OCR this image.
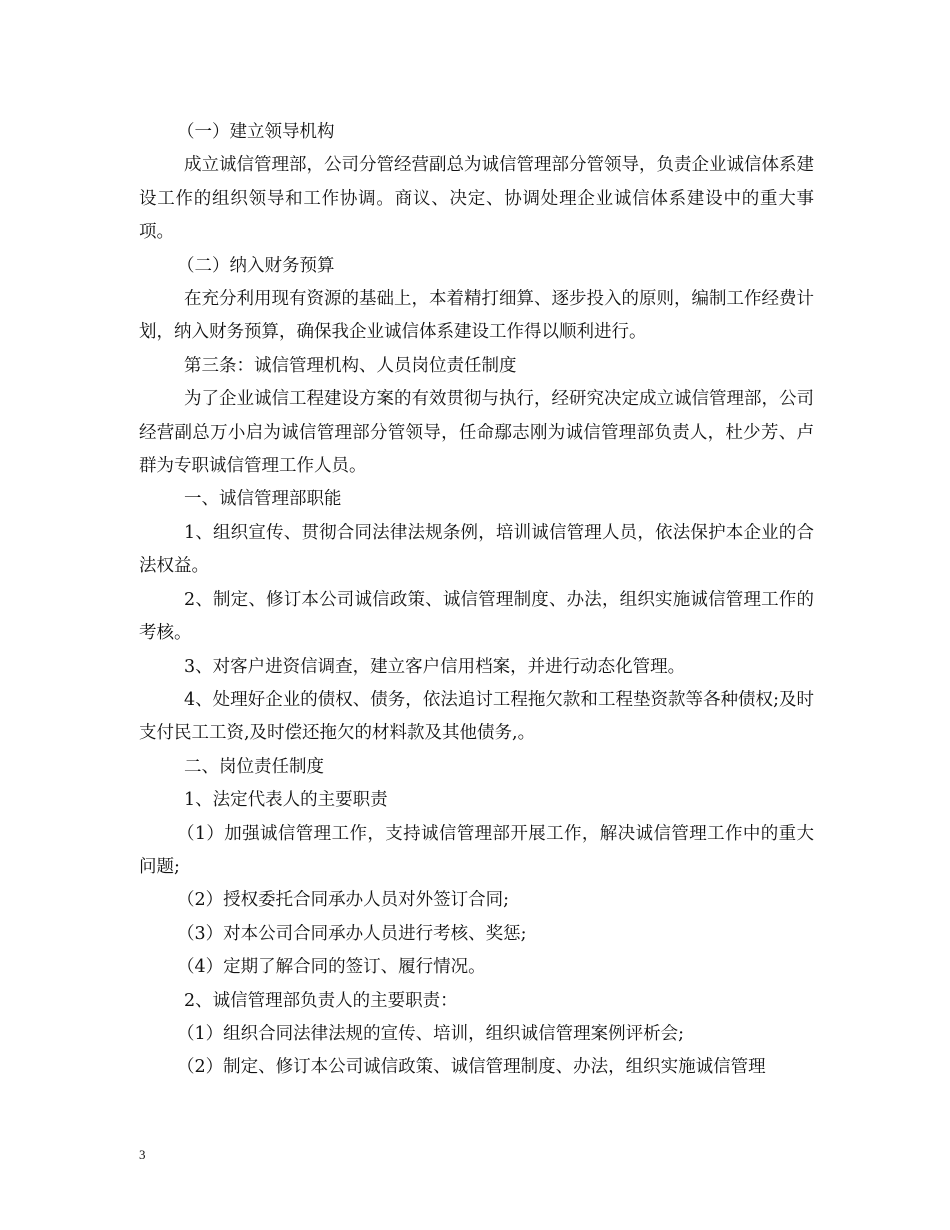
（一）建立领导机构

成立诚信管理部，公司分管经营副总为诚信管理部分管领导，负责企业诚信体系建设工作的组织领导和工作协调。商议、决定、协调处理企业诚信体系建设中的重大事项。

（二）纳入财务预算

在充分利用现有资源的基础上，本着精打细算、逐步投入的原则，编制工作经费计划，纳入财务预算，确保我企业诚信体系建设工作得以顺利进行。

第三条：诚信管理机构、人员岗位责任制度

为了企业诚信工程建设方案的有效贯彻与执行，经研究决定成立诚信管理部，公司经营副总万小启为诚信管理部分管领导，任命鄢志刚为诚信管理部负责人，杜少芳、卢群为专职诚信管理工作人员。

一、诚信管理部职能

1、组织宣传、贯彻合同法律法规条例，培训诚信管理人员，依法保护本企业的合法权益。

2、制定、修订本公司诚信政策、诚信管理制度、办法，组织实施诚信管理工作的考核。

3、对客户进资信调查，建立客户信用档案，并进行动态化管理。

4、处理好企业的债权、债务，依法追讨工程拖欠款和工程垫资款等各种债权;及时支付民工工资,及时偿还拖欠的材料款及其他债务,。

二、岗位责任制度

1、法定代表人的主要职责

（1）加强诚信管理工作，支持诚信管理部开展工作，解决诚信管理工作中的重大问题;

（2）授权委托合同承办人员对外签订合同;

（3）对本公司合同承办人员进行考核、奖惩;

（4）定期了解合同的签订、履行情况。

2、诚信管理部负责人的主要职责：

（1）组织合同法律法规的宣传、培训，组织诚信管理案例评析会;

（2）制定、修订本公司诚信政策、诚信管理制度、办法，组织实施诚信管理

3
